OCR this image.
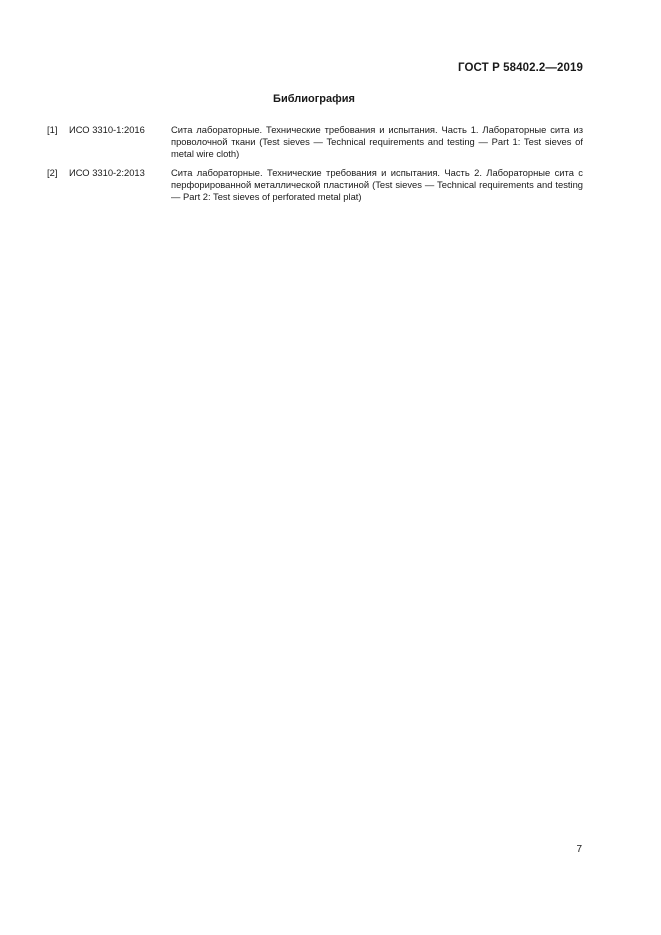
ГОСТ Р 58402.2—2019
Библиография
[1]	ИСО 3310-1:2016	Сита лабораторные. Технические требования и испытания. Часть 1. Лабораторные сита из проволочной ткани (Test sieves — Technical requirements and testing — Part 1: Test sieves of metal wire cloth)
[2]	ИСО 3310-2:2013	Сита лабораторные. Технические требования и испытания. Часть 2. Лабораторные сита с перфорированной металлической пластиной (Test sieves — Technical requirements and testing — Part 2: Test sieves of perforated metal plat)
7
